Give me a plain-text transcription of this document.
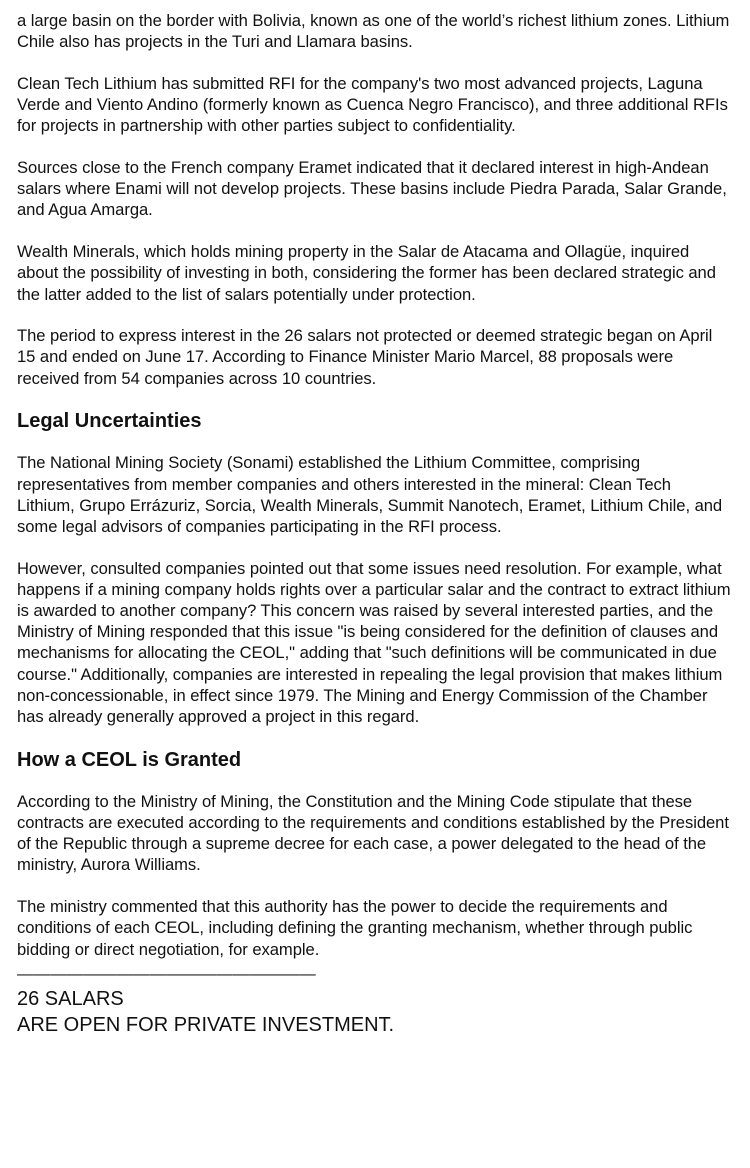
a large basin on the border with Bolivia, known as one of the world’s richest lithium zones. Lithium Chile also has projects in the Turi and Llamara basins.

Clean Tech Lithium has submitted RFI for the company's two most advanced projects, Laguna Verde and Viento Andino (formerly known as Cuenca Negro Francisco), and three additional RFIs for projects in partnership with other parties subject to confidentiality.

Sources close to the French company Eramet indicated that it declared interest in high-Andean salars where Enami will not develop projects. These basins include Piedra Parada, Salar Grande, and Agua Amarga.

Wealth Minerals, which holds mining property in the Salar de Atacama and Ollagüe, inquired about the possibility of investing in both, considering the former has been declared strategic and the latter added to the list of salars potentially under protection.

The period to express interest in the 26 salars not protected or deemed strategic began on April 15 and ended on June 17. According to Finance Minister Mario Marcel, 88 proposals were received from 54 companies across 10 countries.

Legal Uncertainties

The National Mining Society (Sonami) established the Lithium Committee, comprising representatives from member companies and others interested in the mineral: Clean Tech Lithium, Grupo Errázuriz, Sorcia, Wealth Minerals, Summit Nanotech, Eramet, Lithium Chile, and some legal advisors of companies participating in the RFI process.

However, consulted companies pointed out that some issues need resolution. For example, what happens if a mining company holds rights over a particular salar and the contract to extract lithium is awarded to another company? This concern was raised by several interested parties, and the Ministry of Mining responded that this issue "is being considered for the definition of clauses and mechanisms for allocating the CEOL," adding that "such definitions will be communicated in due course." Additionally, companies are interested in repealing the legal provision that makes lithium non-concessionable, in effect since 1979. The Mining and Energy Commission of the Chamber has already generally approved a project in this regard.

How a CEOL is Granted

According to the Ministry of Mining, the Constitution and the Mining Code stipulate that these contracts are executed according to the requirements and conditions established by the President of the Republic through a supreme decree for each case, a power delegated to the head of the ministry, Aurora Williams.

The ministry commented that this authority has the power to decide the requirements and conditions of each CEOL, including defining the granting mechanism, whether through public bidding or direct negotiation, for example.

——————————————————
26 SALARS
ARE OPEN FOR PRIVATE INVESTMENT.
